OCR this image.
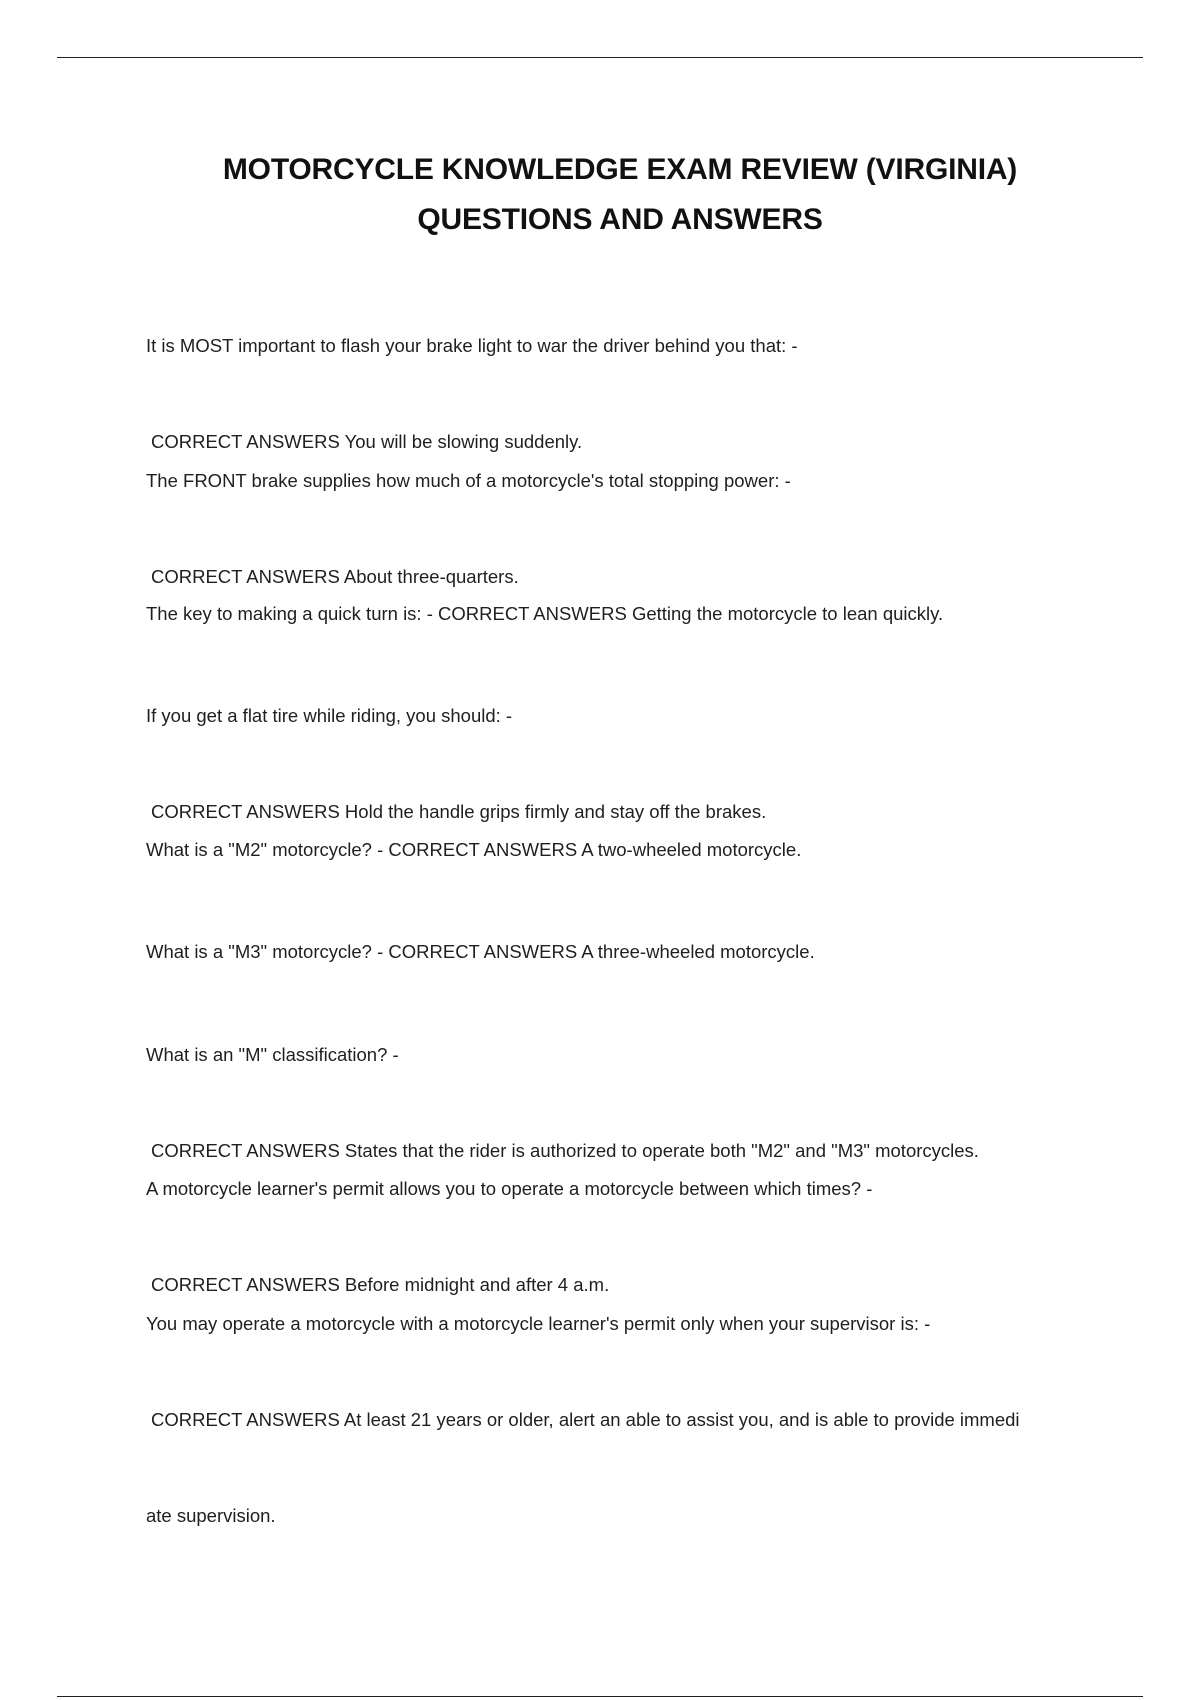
MOTORCYCLE KNOWLEDGE EXAM REVIEW (VIRGINIA)
QUESTIONS AND ANSWERS

It is MOST important to flash your brake light to war the driver behind you that: -

CORRECT ANSWERS You will be slowing suddenly.

The FRONT brake supplies how much of a motorcycle's total stopping power: -

CORRECT ANSWERS About three-quarters.

The key to making a quick turn is: - CORRECT ANSWERS Getting the motorcycle to lean quickly.

If you get a flat tire while riding, you should: -

CORRECT ANSWERS Hold the handle grips firmly and stay off the brakes.

What is a "M2" motorcycle? - CORRECT ANSWERS A two-wheeled motorcycle.

What is a "M3" motorcycle? - CORRECT ANSWERS A three-wheeled motorcycle.

What is an "M" classification? -

CORRECT ANSWERS States that the rider is authorized to operate both "M2" and "M3" motorcycles.

A motorcycle learner's permit allows you to operate a motorcycle between which times? -

CORRECT ANSWERS Before midnight and after 4 a.m.

You may operate a motorcycle with a motorcycle learner's permit only when your supervisor is: -

CORRECT ANSWERS At least 21 years or older, alert an able to assist you, and is able to provide immedi

ate supervision.
